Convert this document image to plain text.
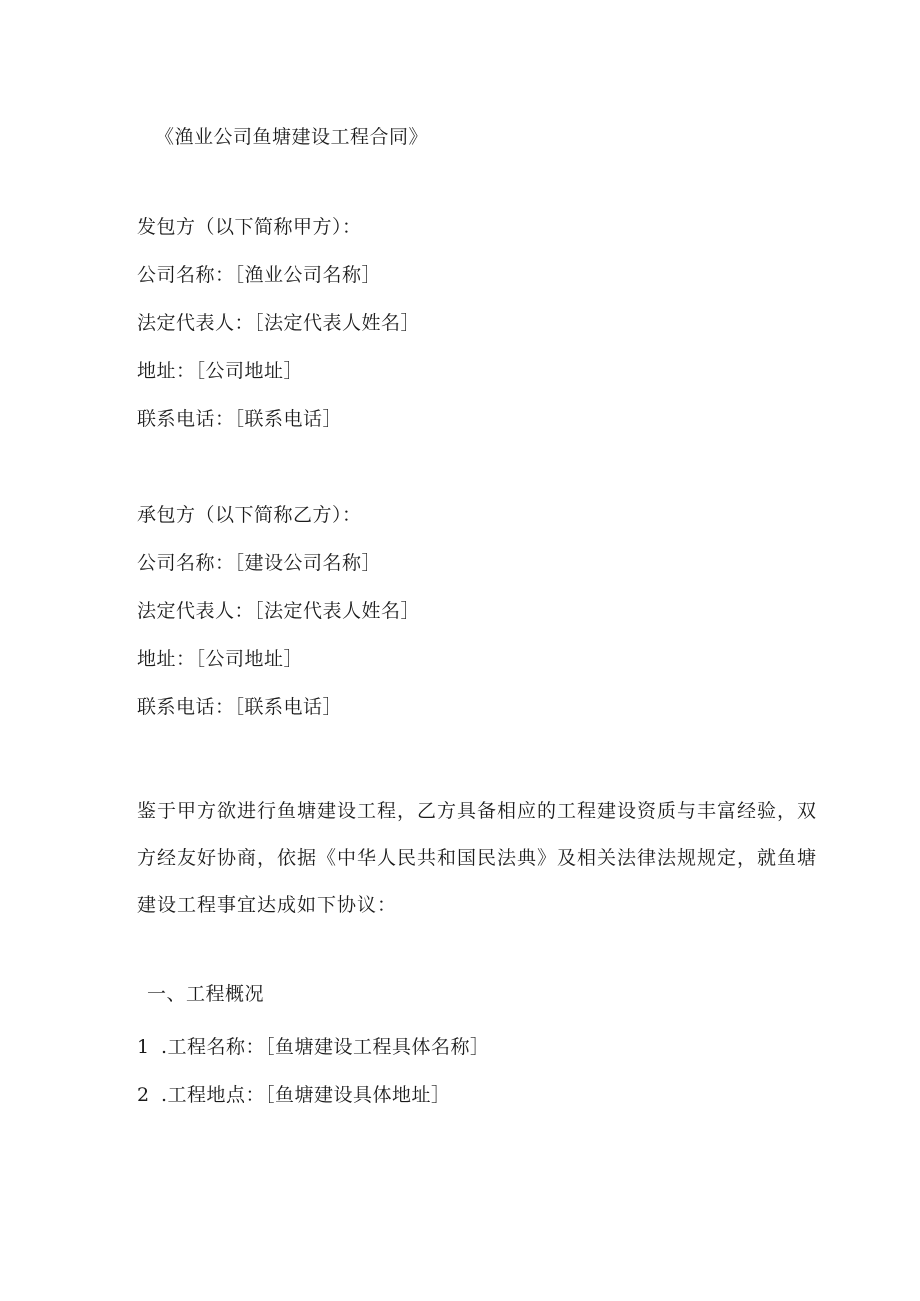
《渔业公司鱼塘建设工程合同》
发包方（以下简称甲方）：
公司名称：［渔业公司名称］
法定代表人：［法定代表人姓名］
地址：［公司地址］
联系电话：［联系电话］
承包方（以下简称乙方）：
公司名称：［建设公司名称］
法定代表人：［法定代表人姓名］
地址：［公司地址］
联系电话：［联系电话］
鉴于甲方欲进行鱼塘建设工程，乙方具备相应的工程建设资质与丰富经验，双
方经友好协商，依据《中华人民共和国民法典》及相关法律法规规定，就鱼塘
建设工程事宜达成如下协议：
一、工程概况
1 .工程名称：［鱼塘建设工程具体名称］
2 .工程地点：［鱼塘建设具体地址］
